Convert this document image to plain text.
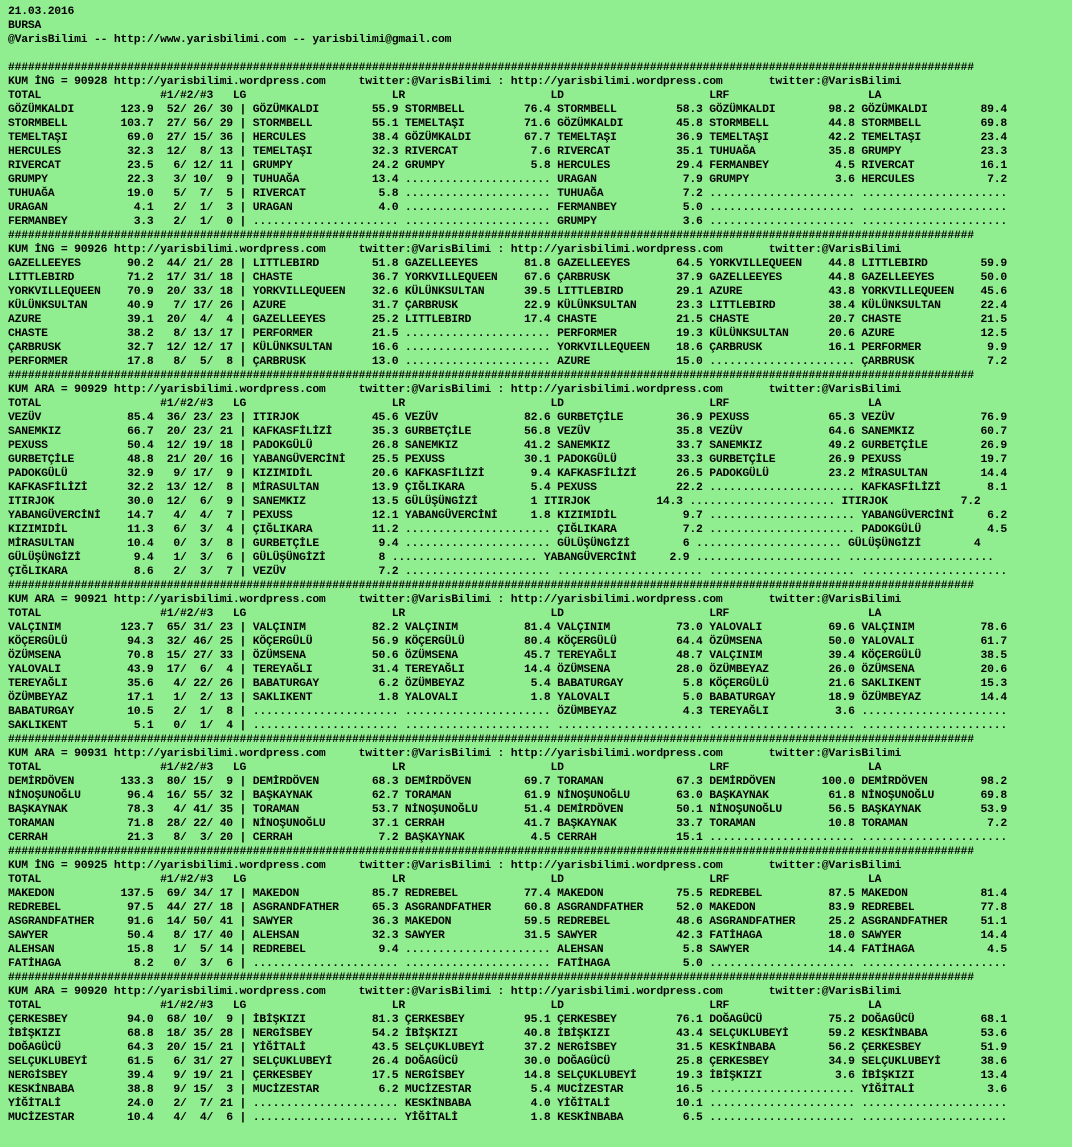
21.03.2016
BURSA
@VarisBilimi -- http://www.yarisbilimi.com -- yarisbilimi@gmail.com
##################################################################################################################################################
KUM İNG = 90928 http://yarisbilimi.wordpress.com     twitter:@VarisBilimi : http://yarisbilimi.wordpress.com       twitter:@VarisBilimi
TOTAL                  #1/#2/#3   LG                      LR                      LD                      LRF                     LA
GÖZÜMKALDI       123.9  52/ 26/ 30 | GÖZÜMKALDI        55.9 STORMBELL         76.4 STORMBELL         58.3 GÖZÜMKALDI        98.2 GÖZÜMKALDI        89.4
STORMBELL        103.7  27/ 56/ 29 | STORMBELL         55.1 TEMELTAŞI         71.6 GÖZÜMKALDI        45.8 STORMBELL         44.8 STORMBELL         69.8
TEMELTAŞI         69.0  27/ 15/ 36 | HERCULES          38.4 GÖZÜMKALDI        67.7 TEMELTAŞI         36.9 TEMELTAŞI         42.2 TEMELTAŞI         23.4
HERCULES          32.3  12/  8/ 13 | TEMELTAŞI         32.3 RIVERCAT           7.6 RIVERCAT          35.1 TUHUAĞA           35.8 GRUMPY            23.3
RIVERCAT          23.5   6/ 12/ 11 | GRUMPY            24.2 GRUMPY             5.8 HERCULES          29.4 FERMANBEY          4.5 RIVERCAT          16.1
GRUMPY            22.3   3/ 10/  9 | TUHUAĞA           13.4 ...................... URAGAN             7.9 GRUMPY             3.6 HERCULES           7.2
TUHUAĞA           19.0   5/  7/  5 | RIVERCAT           5.8 ...................... TUHUAĞA            7.2 ...................... ......................
URAGAN             4.1   2/  1/  3 | URAGAN             4.0 ...................... FERMANBEY          5.0 ...................... ......................
FERMANBEY          3.3   2/  1/  0 | ...................... ...................... GRUMPY             3.6 ...................... ......................
##################################################################################################################################################
KUM İNG = 90926 http://yarisbilimi.wordpress.com     twitter:@VarisBilimi : http://yarisbilimi.wordpress.com       twitter:@VarisBilimi
GAZELLEEYES       90.2  44/ 21/ 28 | LITTLEBIRD        51.8 GAZELLEEYES       81.8 GAZELLEEYES       64.5 YORKVILLEQUEEN    44.8 LITTLEBIRD        59.9
LITTLEBIRD        71.2  17/ 31/ 18 | CHASTE            36.7 YORKVILLEQUEEN    67.6 ÇARBRUSK          37.9 GAZELLEEYES       44.8 GAZELLEEYES       50.0
YORKVILLEQUEEN    70.9  20/ 33/ 18 | YORKVILLEQUEEN    32.6 KÜLÜNKSULTAN      39.5 LITTLEBIRD        29.1 AZURE             43.8 YORKVILLEQUEEN    45.6
KÜLÜNKSULTAN      40.9   7/ 17/ 26 | AZURE             31.7 ÇARBRUSK          22.9 KÜLÜNKSULTAN      23.3 LITTLEBIRD        38.4 KÜLÜNKSULTAN      22.4
AZURE             39.1  20/  4/  4 | GAZELLEEYES       25.2 LITTLEBIRD        17.4 CHASTE            21.5 CHASTE            20.7 CHASTE            21.5
CHASTE            38.2   8/ 13/ 17 | PERFORMER         21.5 ...................... PERFORMER         19.3 KÜLÜNKSULTAN      20.6 AZURE             12.5
ÇARBRUSK          32.7  12/ 12/ 17 | KÜLÜNKSULTAN      16.6 ...................... YORKVILLEQUEEN    18.6 ÇARBRUSK          16.1 PERFORMER          9.9
PERFORMER         17.8   8/  5/  8 | ÇARBRUSK          13.0 ...................... AZURE             15.0 ...................... ÇARBRUSK           7.2
##################################################################################################################################################
KUM ARA = 90929 http://yarisbilimi.wordpress.com     twitter:@VarisBilimi : http://yarisbilimi.wordpress.com       twitter:@VarisBilimi
TOTAL                  #1/#2/#3   LG                      LR                      LD                      LRF                     LA
VEZÜV             85.4  36/ 23/ 23 | ITIRJOK           45.6 VEZÜV             82.6 GURBETÇİLE        36.9 PEXUSS            65.3 VEZÜV             76.9
SANEMKIZ          66.7  20/ 23/ 21 | KAFKASFİLİZİ      35.3 GURBETÇİLE        56.8 VEZÜV             35.8 VEZÜV             64.6 SANEMKIZ          60.7
PEXUSS            50.4  12/ 19/ 18 | PADOKGÜLÜ         26.8 SANEMKIZ          41.2 SANEMKIZ          33.7 SANEMKIZ          49.2 GURBETÇİLE        26.9
GURBETÇİLE        48.8  21/ 20/ 16 | YABANGÜVERCİNİ    25.5 PEXUSS            30.1 PADOKGÜLÜ         33.3 GURBETÇİLE        26.9 PEXUSS            19.7
PADOKGÜLÜ         32.9   9/ 17/  9 | KIZIMIDİL         20.6 KAFKASFİLİZİ       9.4 KAFKASFİLİZİ      26.5 PADOKGÜLÜ         23.2 MİRASULTAN        14.4
KAFKASFİLİZİ      32.2  13/ 12/  8 | MİRASULTAN        13.9 ÇIĞLIKARA          5.4 PEXUSS            22.2 ...................... KAFKASFİLİZİ       8.1
ITIRJOK           30.0  12/  6/  9 | SANEMKIZ          13.5 GÜLÜŞÜNGİZİ        1 ITIRJOK          14.3 ...................... ITIRJOK           7.2
YABANGÜVERCİNİ    14.7   4/  4/  7 | PEXUSS            12.1 YABANGÜVERCİNİ     1.8 KIZIMIDİL          9.7 ...................... YABANGÜVERCİNİ     6.2
KIZIMIDİL         11.3   6/  3/  4 | ÇIĞLIKARA         11.2 ...................... ÇIĞLIKARA          7.2 ...................... PADOKGÜLÜ          4.5
MİRASULTAN        10.4   0/  3/  8 | GURBETÇİLE         9.4 ...................... GÜLÜŞÜNGİZİ        6 ...................... GÜLÜŞÜNGİZİ        4
GÜLÜŞÜNGİZİ        9.4   1/  3/  6 | GÜLÜŞÜNGİZİ        8 ...................... YABANGÜVERCİNİ     2.9 ...................... ......................
ÇIĞLIKARA          8.6   2/  3/  7 | VEZÜV              7.2 ...................... ...................... ...................... ......................
##################################################################################################################################################
KUM ARA = 90921 http://yarisbilimi.wordpress.com     twitter:@VarisBilimi : http://yarisbilimi.wordpress.com       twitter:@VarisBilimi
TOTAL                  #1/#2/#3   LG                      LR                      LD                      LRF                     LA
VALÇINIM         123.7  65/ 31/ 23 | VALÇINIM          82.2 VALÇINIM          81.4 VALÇINIM          73.0 YALOVALI          69.6 VALÇINIM          78.6
KÖÇERGÜLÜ         94.3  32/ 46/ 25 | KÖÇERGÜLÜ         56.9 KÖÇERGÜLÜ         80.4 KÖÇERGÜLÜ         64.4 ÖZÜMSENA          50.0 YALOVALI          61.7
ÖZÜMSENA          70.8  15/ 27/ 33 | ÖZÜMSENA          50.6 ÖZÜMSENA          45.7 TEREYAĞLI         48.7 VALÇINIM          39.4 KÖÇERGÜLÜ         38.5
YALOVALI          43.9  17/  6/  4 | TEREYAĞLI         31.4 TEREYAĞLI         14.4 ÖZÜMSENA          28.0 ÖZÜMBEYAZ         26.0 ÖZÜMSENA          20.6
TEREYAĞLI         35.6   4/ 22/ 26 | BABATURGAY         6.2 ÖZÜMBEYAZ          5.4 BABATURGAY         5.8 KÖÇERGÜLÜ         21.6 SAKLIKENT         15.3
ÖZÜMBEYAZ         17.1   1/  2/ 13 | SAKLIKENT          1.8 YALOVALI           1.8 YALOVALI           5.0 BABATURGAY        18.9 ÖZÜMBEYAZ         14.4
BABATURGAY        10.5   2/  1/  8 | ...................... ...................... ÖZÜMBEYAZ          4.3 TEREYAĞLI          3.6 ......................
SAKLIKENT          5.1   0/  1/  4 | ...................... ...................... ...................... ...................... ......................
##################################################################################################################################################
KUM ARA = 90931 http://yarisbilimi.wordpress.com     twitter:@VarisBilimi : http://yarisbilimi.wordpress.com       twitter:@VarisBilimi
TOTAL                  #1/#2/#3   LG                      LR                      LD                      LRF                     LA
DEMİRDÖVEN       133.3  80/ 15/  9 | DEMİRDÖVEN        68.3 DEMİRDÖVEN        69.7 TORAMAN           67.3 DEMİRDÖVEN       100.0 DEMİRDÖVEN        98.2
NİNOŞUNOĞLU       96.4  16/ 55/ 32 | BAŞKAYNAK         62.7 TORAMAN           61.9 NİNOŞUNOĞLU       63.0 BAŞKAYNAK         61.8 NİNOŞUNOĞLU       69.8
BAŞKAYNAK         78.3   4/ 41/ 35 | TORAMAN           53.7 NİNOŞUNOĞLU       51.4 DEMİRDÖVEN        50.1 NİNOŞUNOĞLU       56.5 BAŞKAYNAK         53.9
TORAMAN           71.8  28/ 22/ 40 | NİNOŞUNOĞLU       37.1 CERRAH            41.7 BAŞKAYNAK         33.7 TORAMAN           10.8 TORAMAN            7.2
CERRAH            21.3   8/  3/ 20 | CERRAH             7.2 BAŞKAYNAK          4.5 CERRAH            15.1 ...................... ......................
##################################################################################################################################################
KUM İNG = 90925 http://yarisbilimi.wordpress.com     twitter:@VarisBilimi : http://yarisbilimi.wordpress.com       twitter:@VarisBilimi
TOTAL                  #1/#2/#3   LG                      LR                      LD                      LRF                     LA
MAKEDON          137.5  69/ 34/ 17 | MAKEDON           85.7 REDREBEL          77.4 MAKEDON           75.5 REDREBEL          87.5 MAKEDON           81.4
REDREBEL          97.5  44/ 27/ 18 | ASGRANDFATHER     65.3 ASGRANDFATHER     60.8 ASGRANDFATHER     52.0 MAKEDON           83.9 REDREBEL          77.8
ASGRANDFATHER     91.6  14/ 50/ 41 | SAWYER            36.3 MAKEDON           59.5 REDREBEL          48.6 ASGRANDFATHER     25.2 ASGRANDFATHER     51.1
SAWYER            50.4   8/ 17/ 40 | ALEHSAN           32.3 SAWYER            31.5 SAWYER            42.3 FATİHAGA          18.0 SAWYER            14.4
ALEHSAN           15.8   1/  5/ 14 | REDREBEL           9.4 ...................... ALEHSAN            5.8 SAWYER            14.4 FATİHAGA           4.5
FATİHAGA           8.2   0/  3/  6 | ...................... ...................... FATİHAGA           5.0 ...................... ......................
##################################################################################################################################################
KUM ARA = 90920 http://yarisbilimi.wordpress.com     twitter:@VarisBilimi : http://yarisbilimi.wordpress.com       twitter:@VarisBilimi
TOTAL                  #1/#2/#3   LG                      LR                      LD                      LRF                     LA
ÇERKESBEY         94.0  68/ 10/  9 | İBİŞKIZI          81.3 ÇERKESBEY         95.1 ÇERKESBEY         76.1 DOĞAGÜCÜ          75.2 DOĞAGÜCÜ          68.1
İBİŞKIZI          68.8  18/ 35/ 28 | NERGİSBEY         54.2 İBİŞKIZI          40.8 İBİŞKIZI          43.4 SELÇUKLUBEYİ      59.2 KESKİNBABA        53.6
DOĞAGÜCÜ          64.3  20/ 15/ 21 | YİĞİTALİ          43.5 SELÇUKLUBEYİ      37.2 NERGİSBEY         31.5 KESKİNBABA        56.2 ÇERKESBEY         51.9
SELÇUKLUBEYİ      61.5   6/ 31/ 27 | SELÇUKLUBEYİ      26.4 DOĞAGÜCÜ          30.0 DOĞAGÜCÜ          25.8 ÇERKESBEY         34.9 SELÇUKLUBEYİ      38.6
NERGİSBEY         39.4   9/ 19/ 21 | ÇERKESBEY         17.5 NERGİSBEY         14.8 SELÇUKLUBEYİ      19.3 İBİŞKIZI           3.6 İBİŞKIZI          13.4
KESKİNBABA        38.8   9/ 15/  3 | MUCİZESTAR         6.2 MUCİZESTAR         5.4 MUCİZESTAR        16.5 ...................... YİĞİTALİ           3.6
YİĞİTALİ          24.0   2/  7/ 21 | ...................... KESKİNBABA         4.0 YİĞİTALİ          10.1 ...................... ......................
MUCİZESTAR        10.4   4/  4/  6 | ...................... YİĞİTALİ           1.8 KESKİNBABA         6.5 ...................... ......................
